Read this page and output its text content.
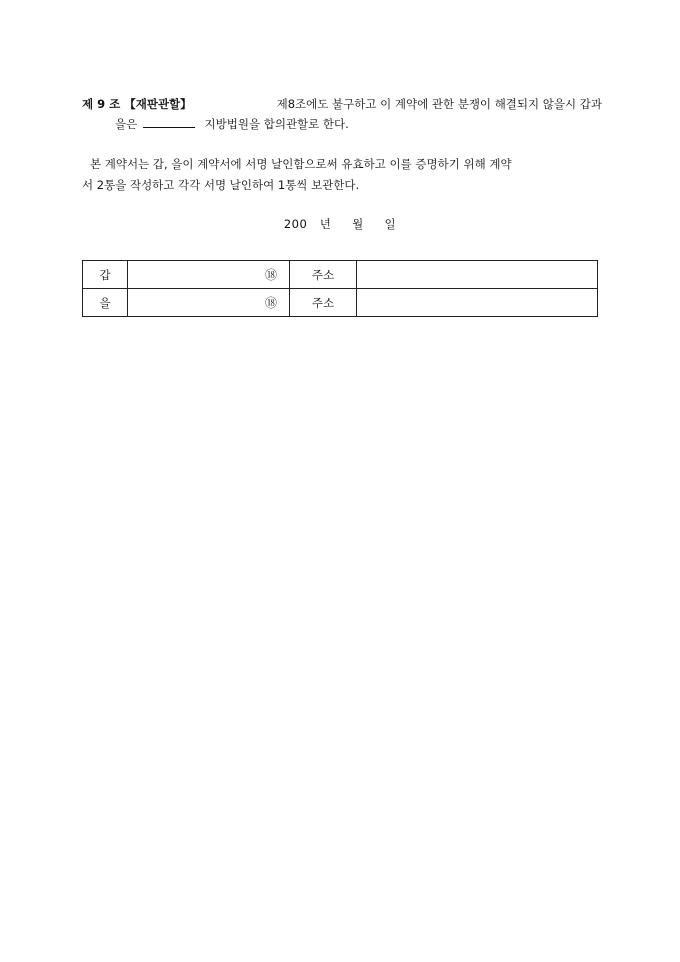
제 9 조 【재판관할】	제8조에도 불구하고 이 계약에 관한 분쟁이 해결되지 않을시 갑과
을은	지방법원을 합의관할로 한다.

본 계약서는 갑, 을이 계약서에 서명 날인함으로써 유효하고 이를 증명하기 위해 계약

서 2통을 작성하고 각각 서명 날인하여 1통씩 보관한다.

200   년     월     일
갑	⑱	주소	
을	⑱	주소	
